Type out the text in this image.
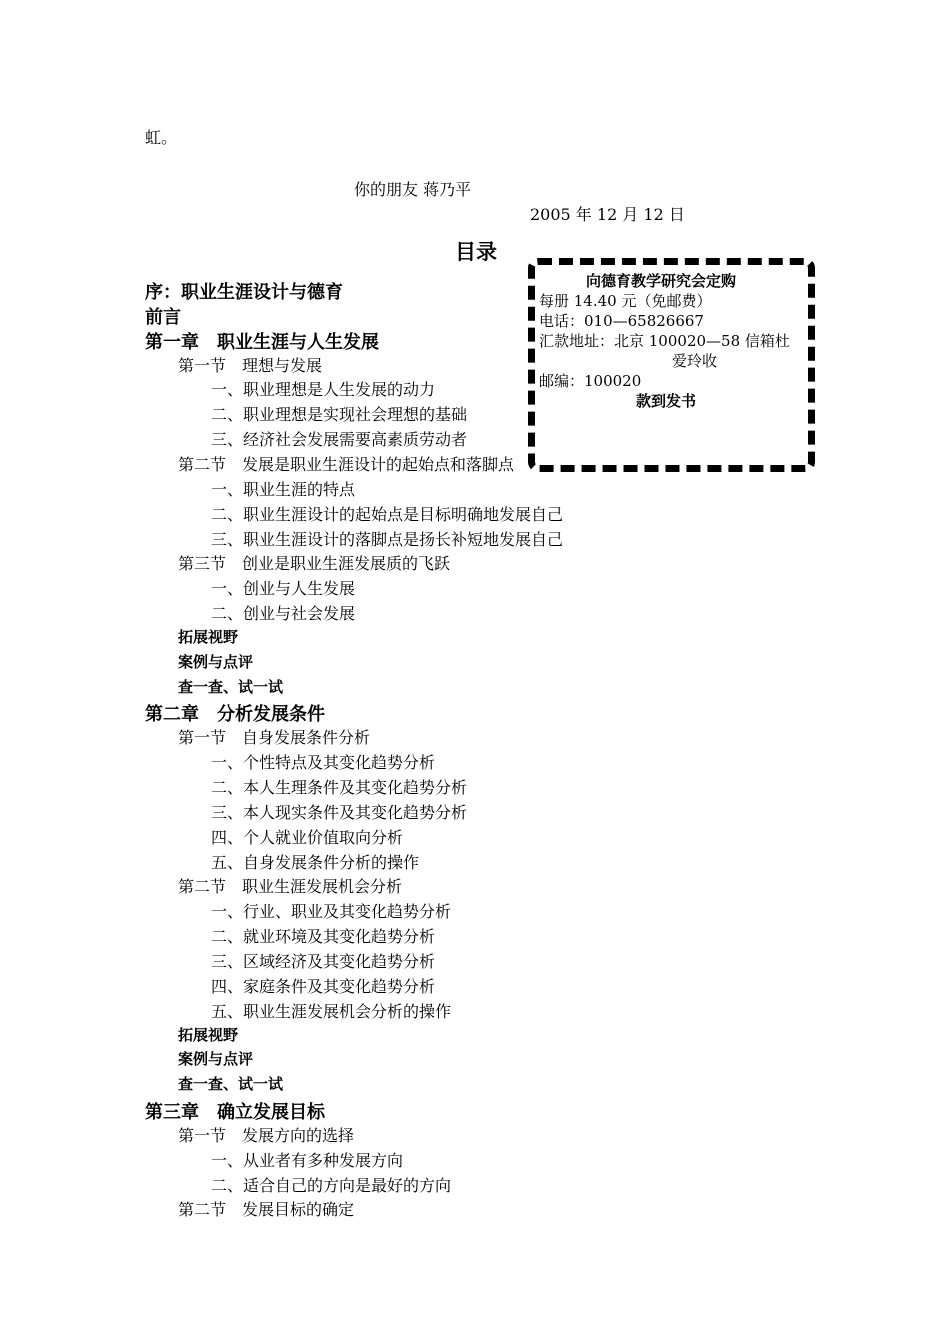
虹。
你的朋友 蒋乃平
2005 年 12 月 12 日
目录
序：职业生涯设计与德育
前言
第一章　职业生涯与人生发展
第一节　理想与发展
一、职业理想是人生发展的动力
二、职业理想是实现社会理想的基础
三、经济社会发展需要高素质劳动者
第二节　发展是职业生涯设计的起始点和落脚点
一、职业生涯的特点
二、职业生涯设计的起始点是目标明确地发展自己
三、职业生涯设计的落脚点是扬长补短地发展自己
第三节　创业是职业生涯发展质的飞跃
一、创业与人生发展
二、创业与社会发展
拓展视野
案例与点评
查一查、试一试
第二章　分析发展条件
第一节　自身发展条件分析
一、个性特点及其变化趋势分析
二、本人生理条件及其变化趋势分析
三、本人现实条件及其变化趋势分析
四、个人就业价值取向分析
五、自身发展条件分析的操作
第二节　职业生涯发展机会分析
一、行业、职业及其变化趋势分析
二、就业环境及其变化趋势分析
三、区域经济及其变化趋势分析
四、家庭条件及其变化趋势分析
五、职业生涯发展机会分析的操作
拓展视野
案例与点评
查一查、试一试
第三章　确立发展目标
第一节　发展方向的选择
一、从业者有多种发展方向
二、适合自己的方向是最好的方向
第二节　发展目标的确定
向德育教学研究会定购
每册 14.40 元（免邮费）
电话：010—65826667
汇款地址：北京 100020—58 信箱杜
爱玲收
邮编：100020
款到发书
